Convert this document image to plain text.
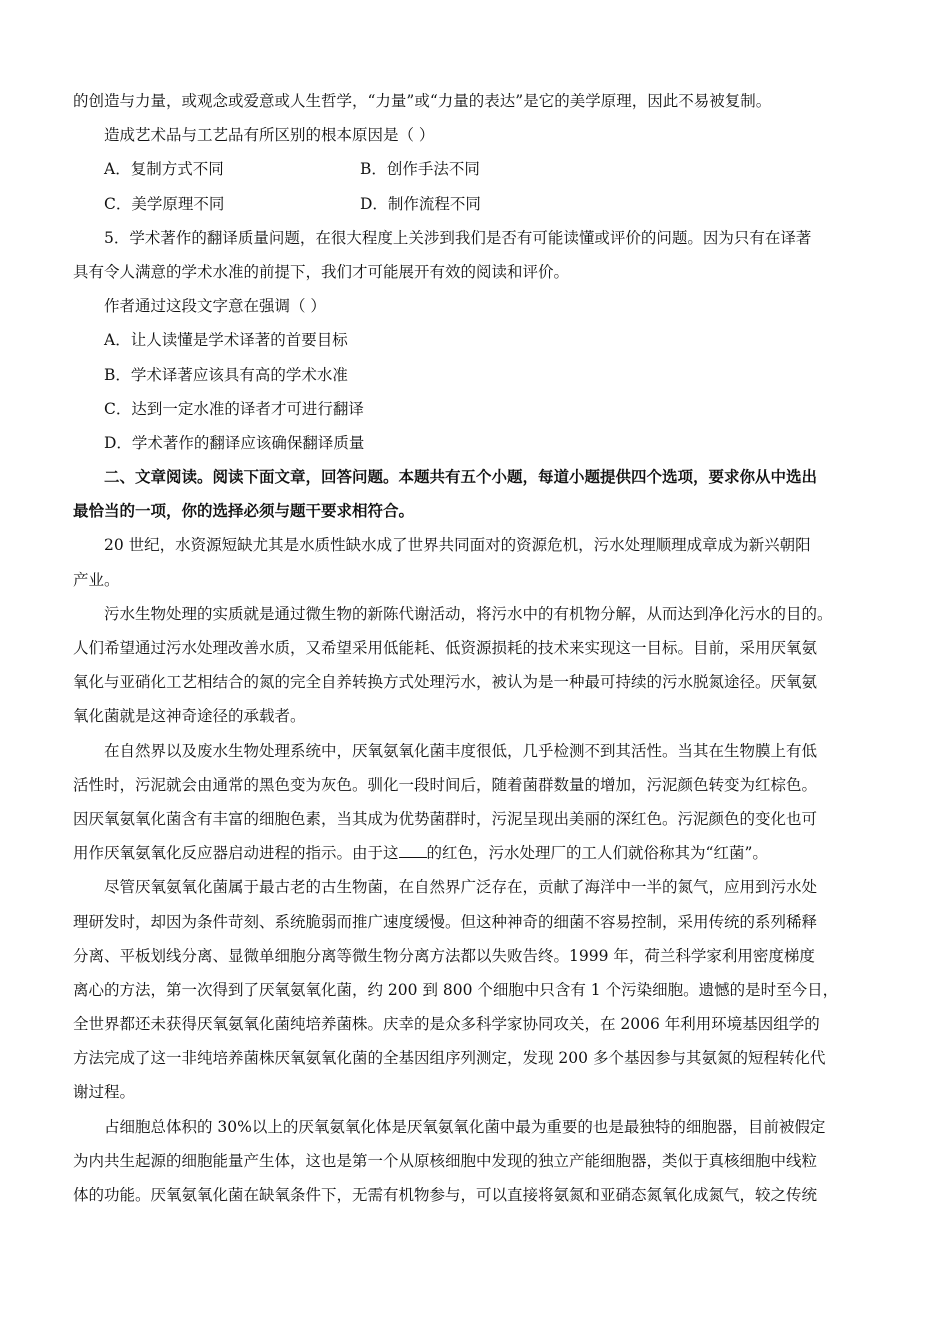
的创造与力量，或观念或爱意或人生哲学，“力量”或“力量的表达”是它的美学原理，因此不易被复制。
造成艺术品与工艺品有所区别的根本原因是（ ）
A．复制方式不同	B．创作手法不同
C．美学原理不同	D．制作流程不同
5．学术著作的翻译质量问题，在很大程度上关涉到我们是否有可能读懂或评价的问题。因为只有在译著
具有令人满意的学术水准的前提下，我们才可能展开有效的阅读和评价。
作者通过这段文字意在强调（ ）
A．让人读懂是学术译著的首要目标
B．学术译著应该具有高的学术水准
C．达到一定水准的译者才可进行翻译
D．学术著作的翻译应该确保翻译质量
二、文章阅读。阅读下面文章，回答问题。本题共有五个小题，每道小题提供四个选项，要求你从中选出
最恰当的一项，你的选择必须与题干要求相符合。
20 世纪，水资源短缺尤其是水质性缺水成了世界共同面对的资源危机，污水处理顺理成章成为新兴朝阳
产业。
污水生物处理的实质就是通过微生物的新陈代谢活动，将污水中的有机物分解，从而达到净化污水的目的。
人们希望通过污水处理改善水质，又希望采用低能耗、低资源损耗的技术来实现这一目标。目前，采用厌氧氨
氧化与亚硝化工艺相结合的氮的完全自养转换方式处理污水，被认为是一种最可持续的污水脱氮途径。厌氧氨
氧化菌就是这神奇途径的承载者。
在自然界以及废水生物处理系统中，厌氧氨氧化菌丰度很低，几乎检测不到其活性。当其在生物膜上有低
活性时，污泥就会由通常的黑色变为灰色。驯化一段时间后，随着菌群数量的增加，污泥颜色转变为红棕色。
因厌氧氨氧化菌含有丰富的细胞色素，当其成为优势菌群时，污泥呈现出美丽的深红色。污泥颜色的变化也可
用作厌氧氨氧化反应器启动进程的指示。由于这 的红色，污水处理厂的工人们就俗称其为“红菌”。
尽管厌氧氨氧化菌属于最古老的古生物菌，在自然界广泛存在，贡献了海洋中一半的氮气，应用到污水处
理研发时，却因为条件苛刻、系统脆弱而推广速度缓慢。但这种神奇的细菌不容易控制，采用传统的系列稀释
分离、平板划线分离、显微单细胞分离等微生物分离方法都以失败告终。1999 年，荷兰科学家利用密度梯度
离心的方法，第一次得到了厌氧氨氧化菌，约 200 到 800 个细胞中只含有 1 个污染细胞。遗憾的是时至今日，
全世界都还未获得厌氧氨氧化菌纯培养菌株。庆幸的是众多科学家协同攻关，在 2006 年利用环境基因组学的
方法完成了这一非纯培养菌株厌氧氨氧化菌的全基因组序列测定，发现 200 多个基因参与其氨氮的短程转化代
谢过程。
占细胞总体积的 30%以上的厌氧氨氧化体是厌氧氨氧化菌中最为重要的也是最独特的细胞器，目前被假定
为内共生起源的细胞能量产生体，这也是第一个从原核细胞中发现的独立产能细胞器，类似于真核细胞中线粒
体的功能。厌氧氨氧化菌在缺氧条件下，无需有机物参与，可以直接将氨氮和亚硝态氮氧化成氮气，较之传统
